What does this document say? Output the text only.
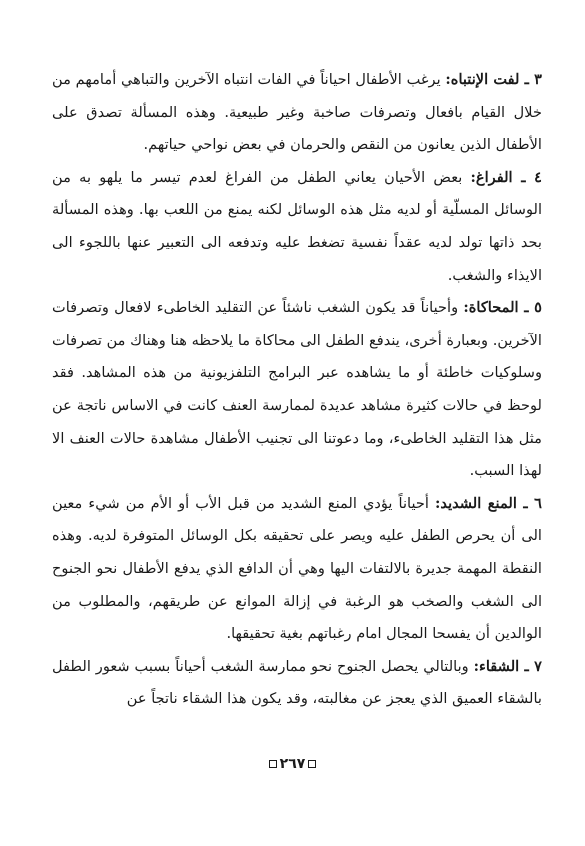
٣ ـ لفت الإنتباه: يرغب الأطفال احياناً في الفات انتباه الآخرين والتباهي أمامهم من خلال القيام بافعال وتصرفات صاخبة وغير طبيعية. وهذه المسألة تصدق على الأطفال الذين يعانون من النقص والحرمان في بعض نواحي حياتهم.

٤ ـ الفراغ: بعض الأحيان يعاني الطفل من الفراغ لعدم تيسر ما يلهو به من الوسائل المسلّية أو لديه مثل هذه الوسائل لكنه يمنع من اللعب بها. وهذه المسألة بحد ذاتها تولد لديه عقداً نفسية تضغط عليه وتدفعه الى التعبير عنها باللجوء الى الايذاء والشغب.

٥ ـ المحاكاة: وأحياناً قد يكون الشغب ناشئاً عن التقليد الخاطىء لافعال وتصرفات الآخرين. وبعبارة أخرى، يندفع الطفل الى محاكاة ما يلاحظه هنا وهناك من تصرفات وسلوكيات خاطئة أو ما يشاهده عبر البرامج التلفزيونية من هذه المشاهد. فقد لوحظ في حالات كثيرة مشاهد عديدة لممارسة العنف كانت في الاساس ناتجة عن مثل هذا التقليد الخاطىء، وما دعوتنا الى تجنيب الأطفال مشاهدة حالات العنف الا لهذا السبب.

٦ ـ المنع الشديد: أحياناً يؤدي المنع الشديد من قبل الأب أو الأم من شيء معين الى أن يحرص الطفل عليه ويصر على تحقيقه بكل الوسائل المتوفرة لديه. وهذه النقطة المهمة جديرة بالالتفات اليها وهي أن الدافع الذي يدفع الأطفال نحو الجنوح الى الشغب والصخب هو الرغبة في إزالة الموانع عن طريقهم، والمطلوب من الوالدين أن يفسحا المجال امام رغباتهم بغية تحقيقها.

٧ ـ الشقاء: وبالتالي يحصل الجنوح نحو ممارسة الشغب أحياناً بسبب شعور الطفل بالشقاء العميق الذي يعجز عن مغالبته، وقد يكون هذا الشقاء ناتجاً عن

٢٦٧
